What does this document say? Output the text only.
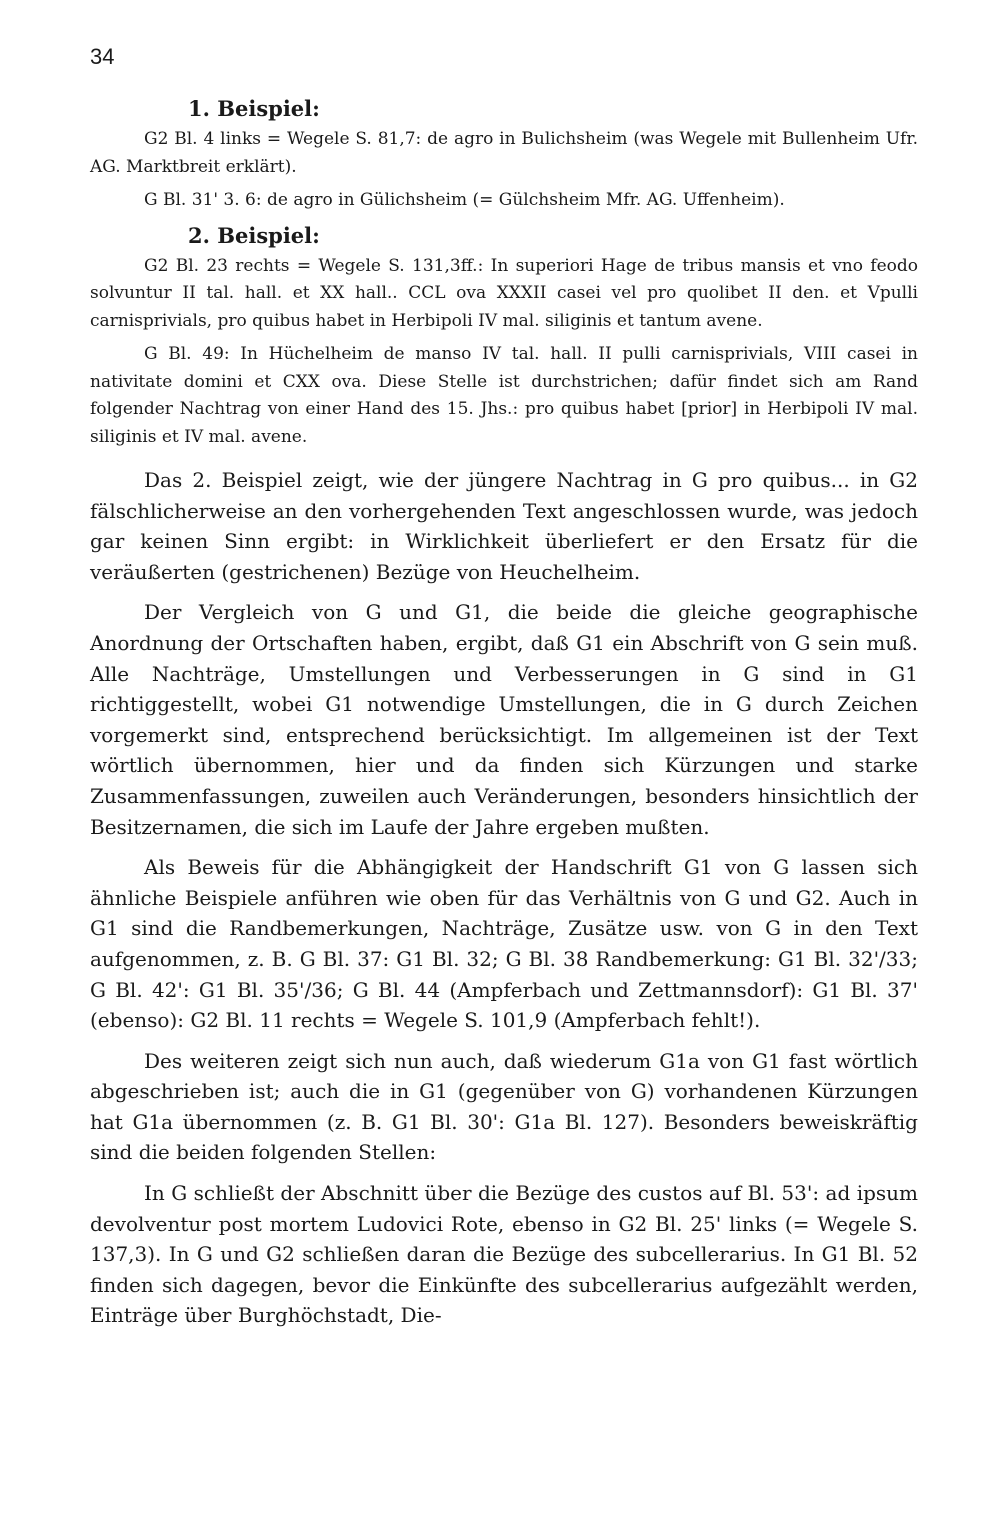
34

1. Beispiel:

G2 Bl. 4 links = Wegele S. 81,7: de agro in Bulichsheim (was Wegele mit Bullenheim Ufr. AG. Marktbreit erklärt).

G Bl. 31' 3. 6: de agro in Gülichsheim (= Gülchsheim Mfr. AG. Uffenheim).

2. Beispiel:

G2 Bl. 23 rechts = Wegele S. 131,3ff.: In superiori Hage de tribus mansis et vno feodo solvuntur II tal. hall. et XX hall.. CCL ova XXXII casei vel pro quolibet II den. et Vpulli carnisprivials, pro quibus habet in Herbipoli IV mal. siliginis et tantum avene.

G Bl. 49: In Hüchelheim de manso IV tal. hall. II pulli carnisprivials, VIII casei in nativitate domini et CXX ova. Diese Stelle ist durchstrichen; dafür findet sich am Rand folgender Nachtrag von einer Hand des 15. Jhs.: pro quibus habet [prior] in Herbipoli IV mal. siliginis et IV mal. avene.

Das 2. Beispiel zeigt, wie der jüngere Nachtrag in G pro quibus... in G2 fälschlicherweise an den vorhergehenden Text angeschlossen wurde, was jedoch gar keinen Sinn ergibt: in Wirklichkeit überliefert er den Ersatz für die veräußerten (gestrichenen) Bezüge von Heuchelheim.

Der Vergleich von G und G1, die beide die gleiche geographische Anordnung der Ortschaften haben, ergibt, daß G1 ein Abschrift von G sein muß. Alle Nachträge, Umstellungen und Verbesserungen in G sind in G1 richtiggestellt, wobei G1 notwendige Umstellungen, die in G durch Zeichen vorgemerkt sind, entsprechend berücksichtigt. Im allgemeinen ist der Text wörtlich übernommen, hier und da finden sich Kürzungen und starke Zusammenfassungen, zuweilen auch Veränderungen, besonders hinsichtlich der Besitzernamen, die sich im Laufe der Jahre ergeben mußten.

Als Beweis für die Abhängigkeit der Handschrift G1 von G lassen sich ähnliche Beispiele anführen wie oben für das Verhältnis von G und G2. Auch in G1 sind die Randbemerkungen, Nachträge, Zusätze usw. von G in den Text aufgenommen, z. B. G Bl. 37: G1 Bl. 32; G Bl. 38 Randbemerkung: G1 Bl. 32'/33; G Bl. 42': G1 Bl. 35'/36; G Bl. 44 (Ampferbach und Zettmannsdorf): G1 Bl. 37' (ebenso): G2 Bl. 11 rechts = Wegele S. 101,9 (Ampferbach fehlt!).

Des weiteren zeigt sich nun auch, daß wiederum G1a von G1 fast wörtlich abgeschrieben ist; auch die in G1 (gegenüber von G) vorhandenen Kürzungen hat G1a übernommen (z. B. G1 Bl. 30': G1a Bl. 127). Besonders beweiskräftig sind die beiden folgenden Stellen:

In G schließt der Abschnitt über die Bezüge des custos auf Bl. 53': ad ipsum devolventur post mortem Ludovici Rote, ebenso in G2 Bl. 25' links (= Wegele S. 137,3). In G und G2 schließen daran die Bezüge des subcellerarius. In G1 Bl. 52 finden sich dagegen, bevor die Einkünfte des subcellerarius aufgezählt werden, Einträge über Burghöchstadt, Die-
